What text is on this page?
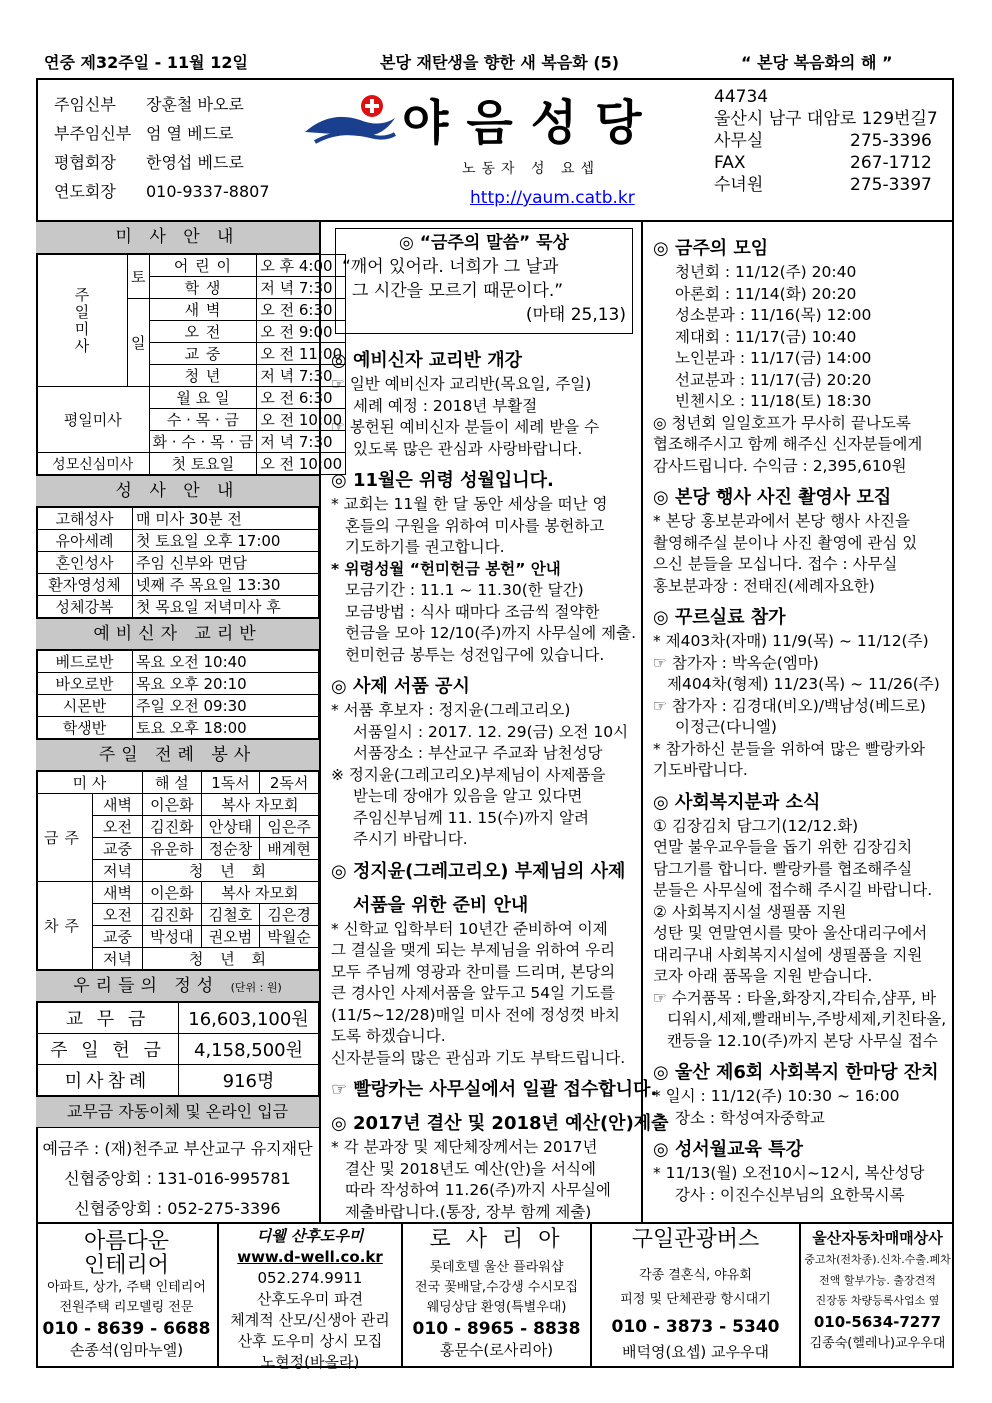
연중 제32주일 - 11월 12일	본당 재탄생을 향한 새 복음화 (5)	“ 본당 복음화의 해 ”
주임신부 장훈철 바오로
부주임신부 엄 열 베드로
평협회장 한영섭 베드로
연도회장 010-9337-8807
야음성당
노동자 성 요셉
http://yaum.catb.kr
44734
울산시 남구 대암로 129번길7
사무실	275-3396
FAX	267-1712
수녀원	275-3397
미 사 안 내
주일미사	토	어 린 이	오 후 4:00
		학 생	저 녁 7:30
	일	새 벽	오 전 6:30
		오 전	오 전 9:00
		교 중	오 전 11:00
		청 년	저 녁 7:30
평일미사		월 요 일	오 전 6:30
		수 · 목 · 금	오 전 10:00
		화 · 수 · 목 · 금	저 녁 7:30
성모신심미사		첫 토요일	오 전 10:00
성 사 안 내
고해성사	매 미사 30분 전
유아세례	첫 토요일 오후 17:00
혼인성사	주임 신부와 면담
환자영성체	넷째 주 목요일 13:30
성체강복	첫 목요일 저녁미사 후
예비신자 교리반
베드로반	목요 오전 10:40
바오로반	목요 오후 20:10
시몬반	주일 오전 09:30
학생반	토요 오후 18:00
주일 전례 봉사
미 사		해 설	1독서	2독서
금주	새벽	이은화	복사 자모회	
	오전	김진화	안상태	임은주
	교중	유운하	정순창	배계현
	저녁	청 년 회		
차주	새벽	이은화	복사 자모회	
	오전	김진화	김철호	김은경
	교중	박성대	권오범	박월순
	저녁	청 년 회		
우리들의 정성 (단위 : 원)
교 무 금	16,603,100원
주 일 헌 금	4,158,500원
미사참례	916명
교무금 자동이체 및 온라인 입금
예금주 : (재)천주교 부산교구 유지재단
신협중앙회 : 131-016-995781
신협중앙회 : 052-275-3396

◎ “금주의 말씀” 묵상

“깨어 있어라. 너희가 그 날과

그 시간을 모르기 때문이다.”

(마태 25,13)

◎ 예비신자 교리반 개강

☞ 일반 예비신자 교리반(목요일, 주일)

세례 예정 : 2018년 부활절

☞ 봉헌된 예비신자 분들이 세례 받을 수

있도록 많은 관심과 사랑바랍니다.

◎ 11월은 위령 성월입니다.

* 교회는 11월 한 달 동안 세상을 떠난 영

혼들의 구원을 위하여 미사를 봉헌하고

기도하기를 권고합니다.

* 위령성월 “헌미헌금 봉헌” 안내

모금기간 : 11.1 ~ 11.30(한 달간)

모금방법 : 식사 때마다 조금씩 절약한

헌금을 모아 12/10(주)까지 사무실에 제출.

헌미헌금 봉투는 성전입구에 있습니다.

◎ 사제 서품 공시

* 서품 후보자 : 정지윤(그레고리오)

서품일시 : 2017. 12. 29(금) 오전 10시

서품장소 : 부산교구 주교좌 남천성당

※ 정지윤(그레고리오)부제님이 사제품을

받는데 장애가 있음을 알고 있다면

주임신부님께 11. 15(수)까지 알려

주시기 바랍니다.

◎ 정지윤(그레고리오) 부제님의 사제

서품을 위한 준비 안내

* 신학교 입학부터 10년간 준비하여 이제

그 결실을 맺게 되는 부제님을 위하여 우리

모두 주님께 영광과 찬미를 드리며, 본당의

큰 경사인 사제서품을 앞두고 54일 기도를

(11/5~12/28)매일 미사 전에 정성껏 바치

도록 하겠습니다.

신자분들의 많은 관심과 기도 부탁드립니다.

☞ 빨랑카는 사무실에서 일괄 접수합니다.

◎ 2017년 결산 및 2018년 예산(안)제출

* 각 분과장 및 제단체장께서는 2017년

결산 및 2018년도 예산(안)을 서식에

따라 작성하여 11.26(주)까지 사무실에

제출바랍니다.(통장, 장부 함께 제출)

◎ 금주의 모임

청년회 : 11/12(주) 20:40

아론회 : 11/14(화) 20:20

성소분과 : 11/16(목) 12:00

제대회 : 11/17(금) 10:40

노인분과 : 11/17(금) 14:00

선교분과 : 11/17(금) 20:20

빈첸시오 : 11/18(토) 18:30

◎ 청년회 일일호프가 무사히 끝나도록

협조해주시고 함께 해주신 신자분들에게

감사드립니다. 수익금 : 2,395,610원

◎ 본당 행사 사진 촬영사 모집

* 본당 홍보분과에서 본당 행사 사진을

촬영해주실 분이나 사진 촬영에 관심 있

으신 분들을 모십니다. 접수 : 사무실

홍보분과장 : 전태진(세례자요한)

◎ 꾸르실료 참가

* 제403차(자매) 11/9(목) ~ 11/12(주)

☞ 참가자 : 박옥순(엠마)

제404차(형제) 11/23(목) ~ 11/26(주)

☞ 참가자 : 김경대(비오)/백남성(베드로)

이정근(다니엘)

* 참가하신 분들을 위하여 많은 빨랑카와

기도바랍니다.

◎ 사회복지분과 소식

① 김장김치 담그기(12/12.화)

연말 불우교우들을 돕기 위한 김장김치

담그기를 합니다. 빨랑카를 협조해주실

분들은 사무실에 접수해 주시길 바랍니다.

② 사회복지시설 생필품 지원

성탄 및 연말연시를 맞아 울산대리구에서

대리구내 사회복지시설에 생필품을 지원

코자 아래 품목을 지원 받습니다.

☞ 수거품목 : 타올,화장지,각티슈,샴푸, 바

디워시,세제,빨래비누,주방세제,키친타올,

캔등을 12.10(주)까지 본당 사무실 접수

◎ 울산 제6회 사회복지 한마당 잔치

* 일시 : 11/12(주) 10:30 ~ 16:00

장소 : 학성여자중학교

◎ 성서월교육 특강

* 11/13(월) 오전10시~12시, 복산성당

강사 : 이진수신부님의 요한묵시록

아름다운

인테리어

아파트, 상가, 주택 인테리어

전원주택 리모델링 전문

010 - 8639 - 6688

손종석(임마누엘)

디웰 산후도우미

www.d-well.co.kr

052.274.9911

산후도우미 파견

체계적 산모/신생아 관리

산후 도우미 상시 모집

노현정(바올라)

로 사 리 아

롯데호텔 울산 플라워샵

전국 꽃배달,수강생 수시모집

웨딩상담 환영(특별우대)

010 - 8965 - 8838

홍문수(로사리아)

구일관광버스

각종 결혼식, 야유회

피정 및 단체관광 항시대기

010 - 3873 - 5340

배덕영(요셉) 교우우대

울산자동차매매상사

중고차(전차종).신차.수출.폐차

전액 할부가능. 출장견적

진장동 차량등록사업소 옆

010-5634-7277

김종숙(헬레나)교우우대
